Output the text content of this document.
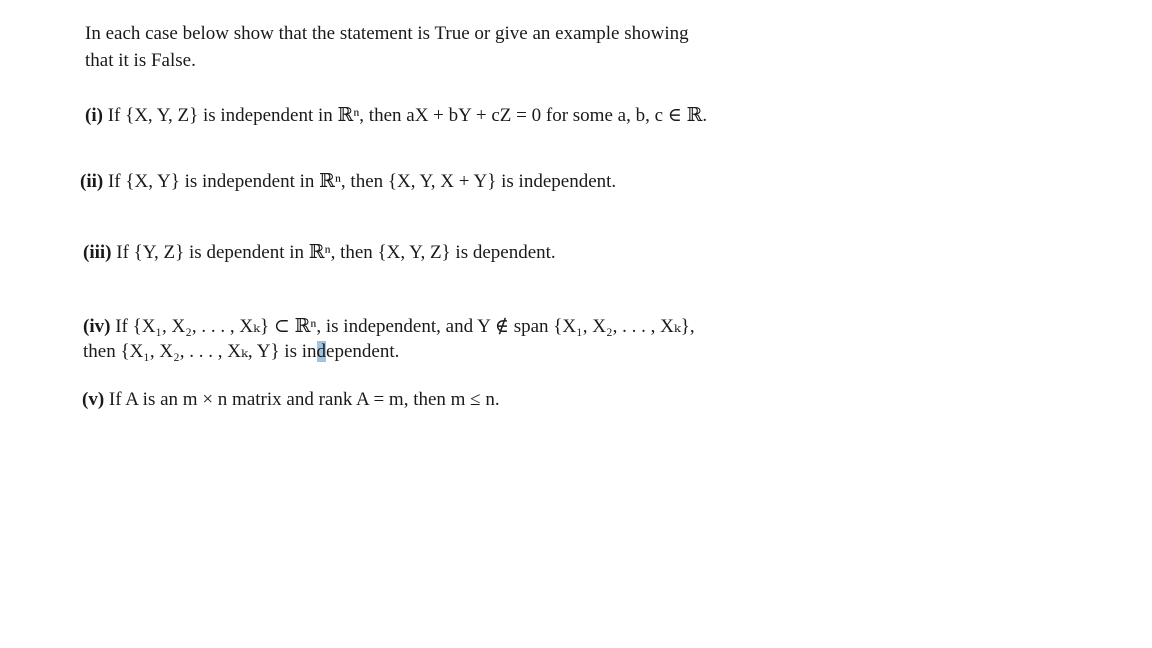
In each case below show that the statement is True or give an example showing
that it is False.
(i) If {X, Y, Z} is independent in ℝⁿ, then aX + bY + cZ = 0 for some a, b, c ∈ ℝ.
(ii) If {X, Y} is independent in ℝⁿ, then {X, Y, X + Y} is independent.
(iii) If {Y, Z} is dependent in ℝⁿ, then {X, Y, Z} is dependent.
(iv) If {X₁, X₂, . . . , Xₖ} ⊂ ℝⁿ, is independent, and Y ∉ span {X₁, X₂, . . . , Xₖ},
then {X₁, X₂, . . . , Xₖ, Y} is independent.
(v) If A is an m × n matrix and rank A = m, then m ≤ n.
